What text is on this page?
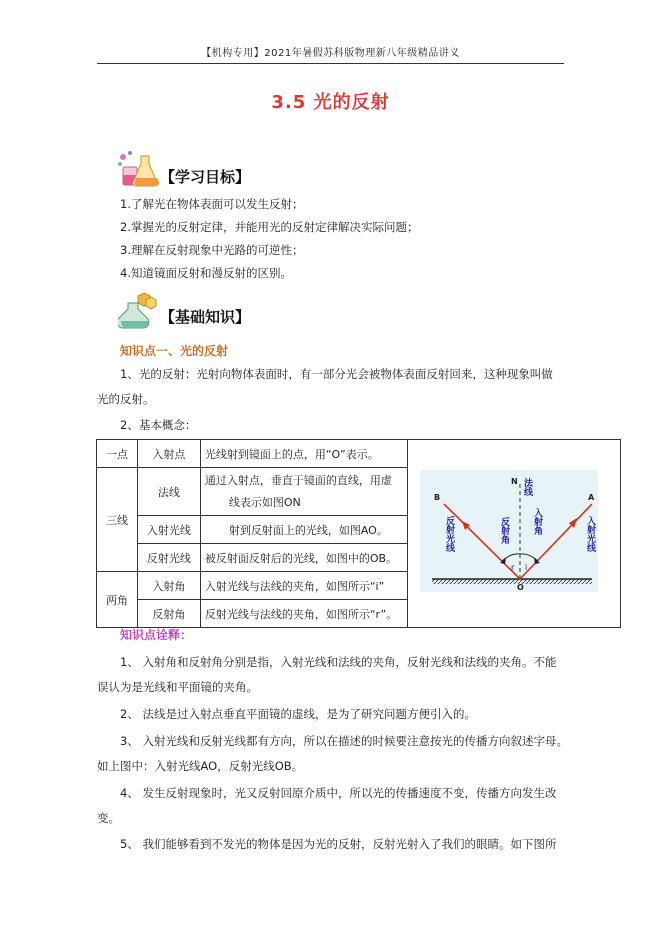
【机构专用】2021年暑假苏科版物理新八年级精品讲义
3.5 光的反射
【学习目标】
1.了解光在物体表面可以发生反射；
2.掌握光的反射定律，并能用光的反射定律解决实际问题；
3.理解在反射现象中光路的可逆性；
4.知道镜面反射和漫反射的区别。
【基础知识】
知识点一、光的反射
1、光的反射：光射向物体表面时，有一部分光会被物体表面反射回来，这种现象叫做
光的反射。
2、基本概念：
一点	入射点	光线射到镜面上的点，用“O”表示。	
三线	法线	通过入射点，垂直于镜面的直线，用虚
线表示如图ON	

	入射光线	射到反射面上的光线，如图AO。	
	反射光线	被反射面反射后的光线，如图中的OB。	
两角	入射角	入射光线与法线的夹角，如图所示“i”	
	反射角	反射光线与法线的夹角，如图所示“r”。	
B
N
A
O
r i
法线
反射光线	入射光线
反射角	入射角
知识点诠释：
1、 入射角和反射角分别是指，入射光线和法线的夹角，反射光线和法线的夹角。不能
误认为是光线和平面镜的夹角。
2、 法线是过入射点垂直平面镜的虚线，是为了研究问题方便引入的。
3、 入射光线和反射光线都有方向，所以在描述的时候要注意按光的传播方向叙述字母。
如上图中：入射光线AO，反射光线OB。
4、 发生反射现象时，光又反射回原介质中，所以光的传播速度不变，传播方向发生改
变。
5、 我们能够看到不发光的物体是因为光的反射，反射光射入了我们的眼睛。如下图所
